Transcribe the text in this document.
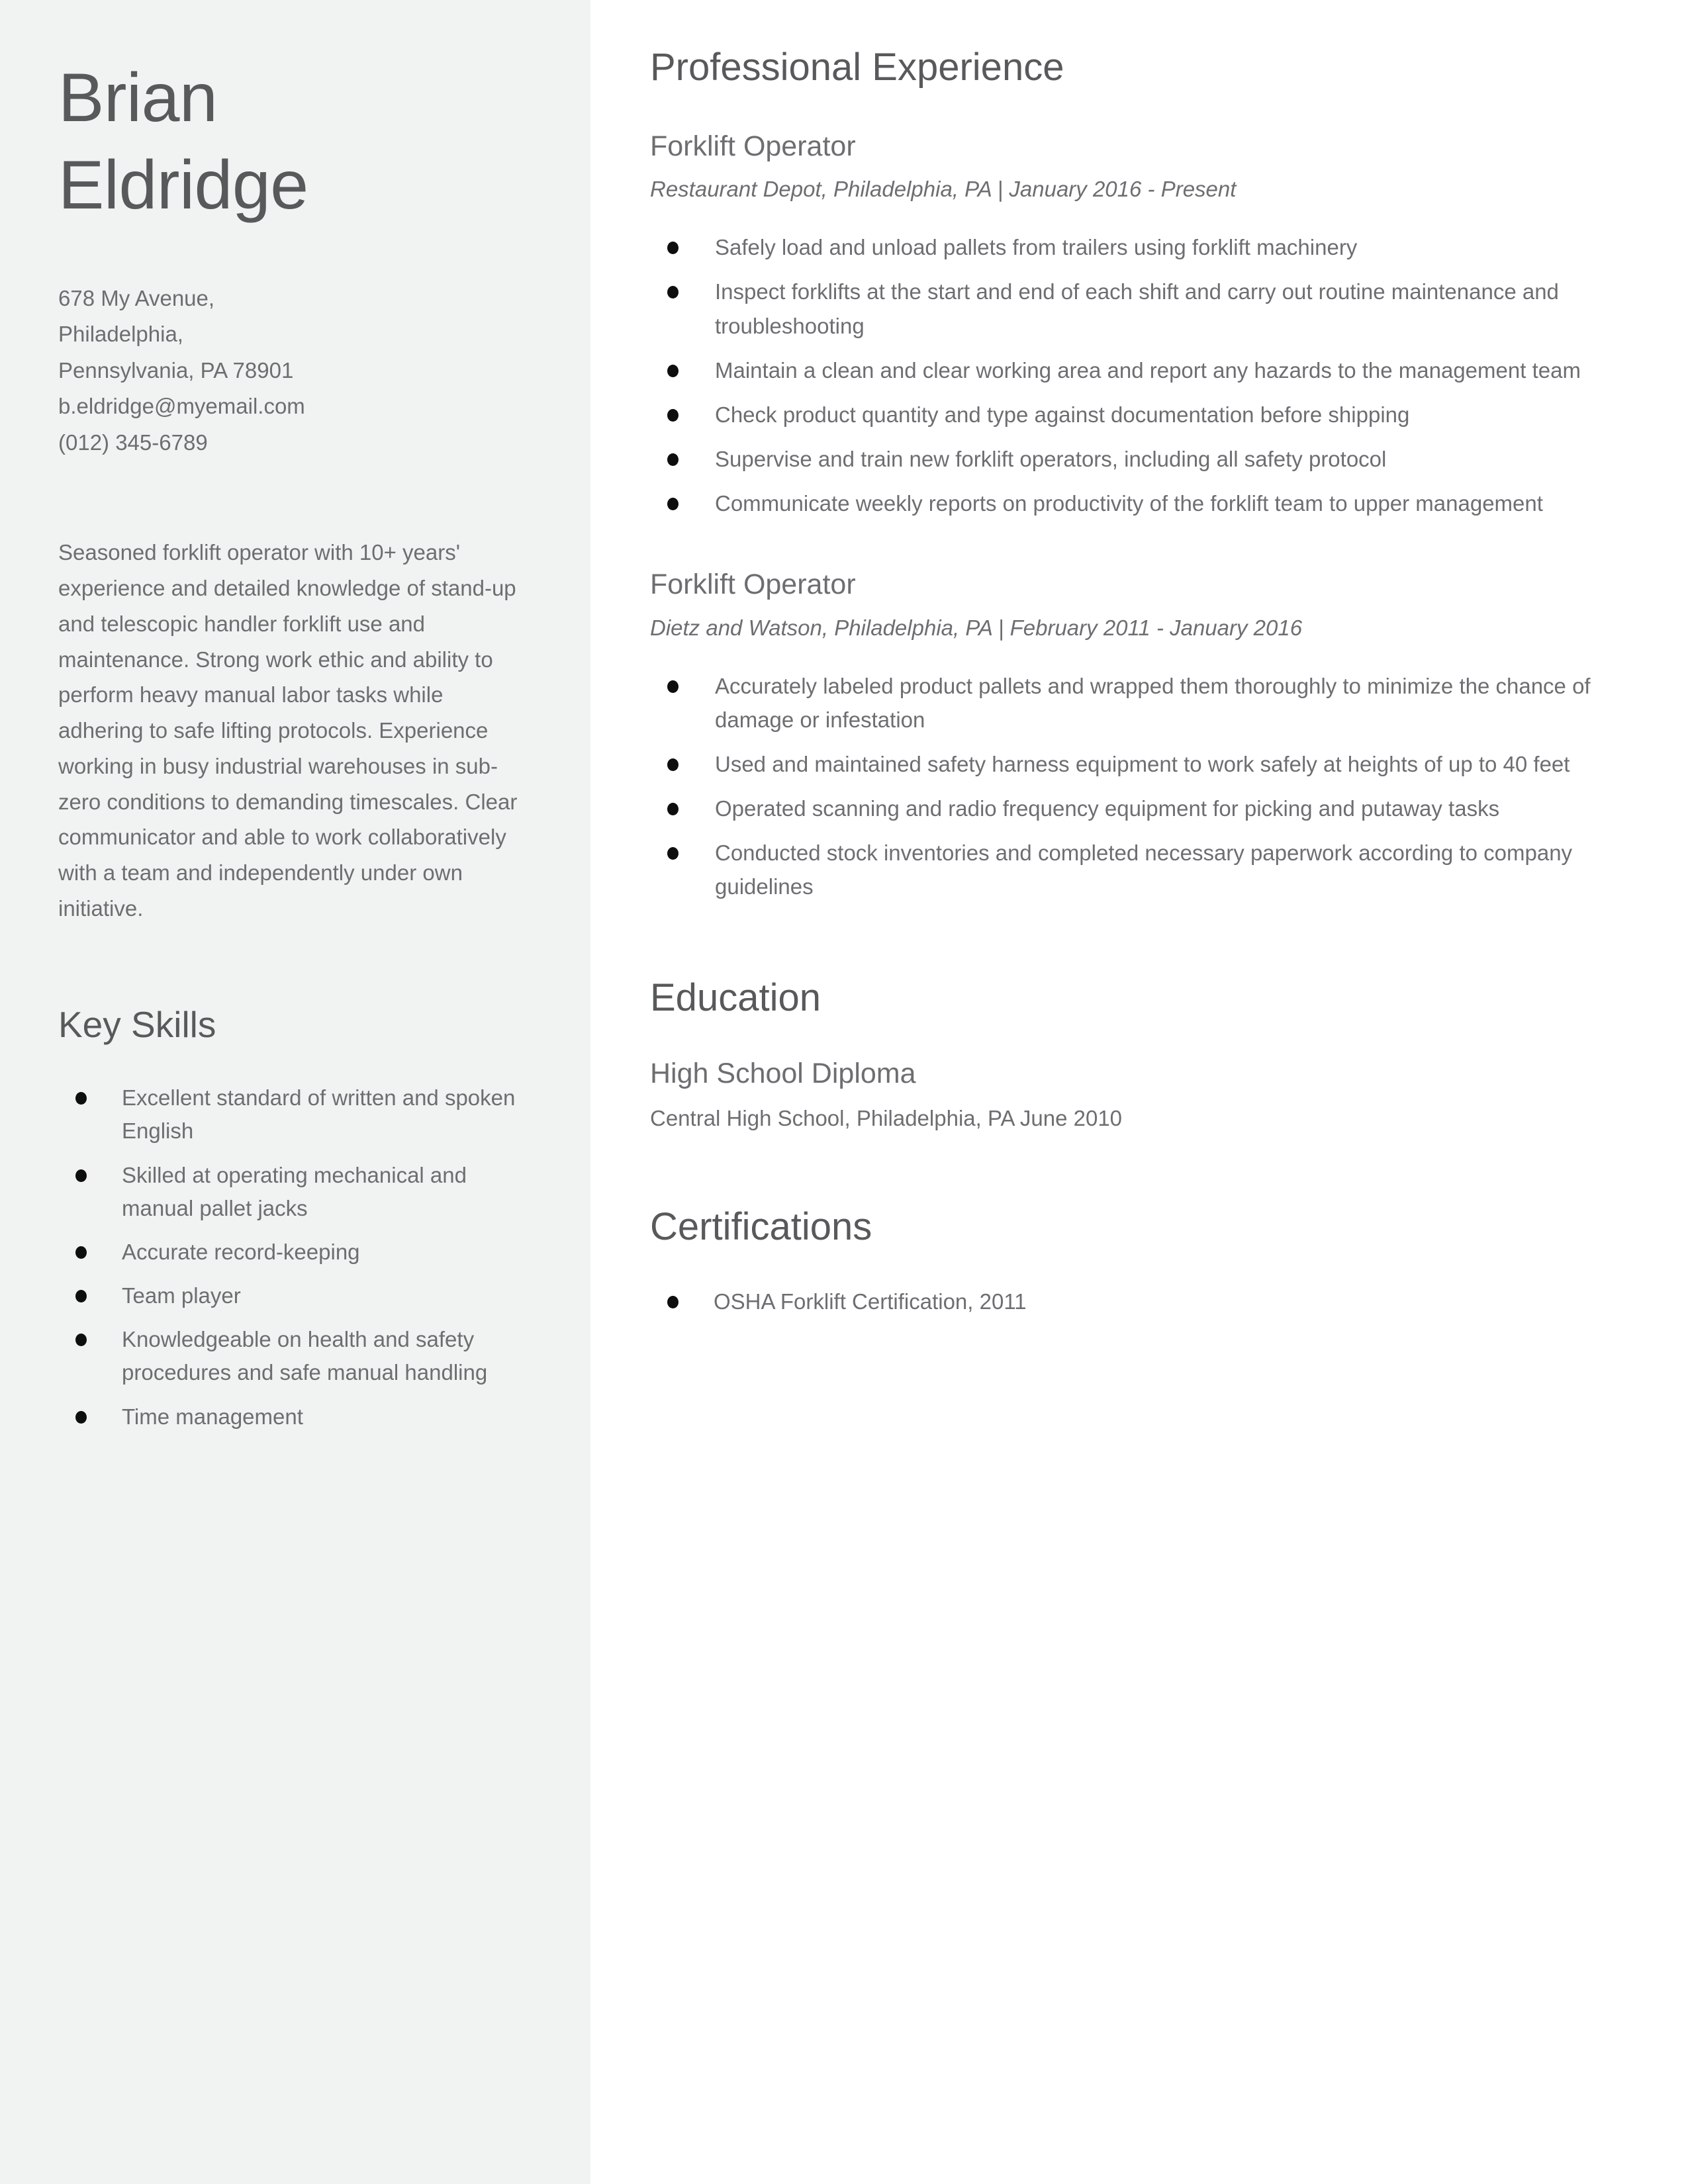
Brian
Eldridge
678 My Avenue,
Philadelphia,
Pennsylvania, PA 78901
b.eldridge@myemail.com
(012) 345-6789
Seasoned forklift operator with 10+ years' experience and detailed knowledge of stand-up and telescopic handler forklift use and maintenance. Strong work ethic and ability to perform heavy manual labor tasks while adhering to safe lifting protocols. Experience working in busy industrial warehouses in sub-zero conditions to demanding timescales. Clear communicator and able to work collaboratively with a team and independently under own initiative.
Key Skills
Excellent standard of written and spoken English
Skilled at operating mechanical and manual pallet jacks
Accurate record-keeping
Team player
Knowledgeable on health and safety procedures and safe manual handling
Time management
Professional Experience
Forklift Operator
Restaurant Depot, Philadelphia, PA | January 2016 - Present
Safely load and unload pallets from trailers using forklift machinery
Inspect forklifts at the start and end of each shift and carry out routine maintenance and troubleshooting
Maintain a clean and clear working area and report any hazards to the management team
Check product quantity and type against documentation before shipping
Supervise and train new forklift operators, including all safety protocol
Communicate weekly reports on productivity of the forklift team to upper management
Forklift Operator
Dietz and Watson, Philadelphia, PA | February 2011 - January 2016
Accurately labeled product pallets and wrapped them thoroughly to minimize the chance of damage or infestation
Used and maintained safety harness equipment to work safely at heights of up to 40 feet
Operated scanning and radio frequency equipment for picking and putaway tasks
Conducted stock inventories and completed necessary paperwork according to company guidelines
Education
High School Diploma
Central High School, Philadelphia, PA June 2010
Certifications
OSHA Forklift Certification, 2011
